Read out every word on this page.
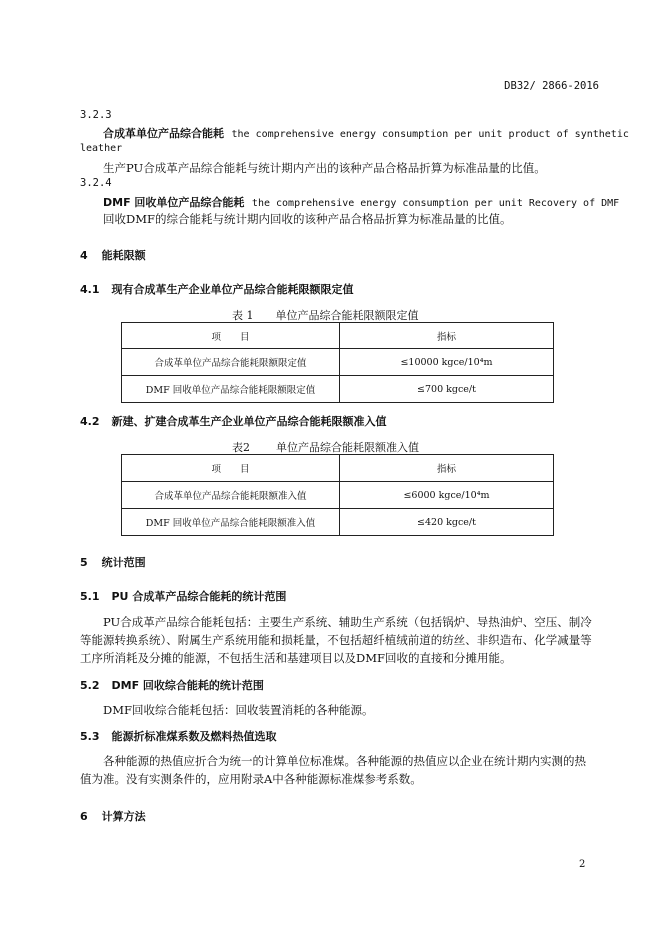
DB32/ 2866-2016
3.2.3
合成革单位产品综合能耗 the comprehensive energy consumption per unit product of synthetic
leather
生产PU合成革产品综合能耗与统计期内产出的该种产品合格品折算为标准品量的比值。
3.2.4
DMF 回收单位产品综合能耗 the comprehensive energy consumption per unit Recovery of DMF
回收DMF的综合能耗与统计期内回收的该种产品合格品折算为标准品量的比值。
4 能耗限额
4.1 现有合成革生产企业单位产品综合能耗限额限定值
表 1 单位产品综合能耗限额限定值
项　　目	指标
合成革单位产品综合能耗限额限定值	≤10000 kgce/10⁴m
DMF 回收单位产品综合能耗限额限定值	≤700 kgce/t
4.2 新建、扩建合成革生产企业单位产品综合能耗限额准入值
表2 单位产品综合能耗限额准入值
项　　目	指标
合成革单位产品综合能耗限额准入值	≤6000 kgce/10⁴m
DMF 回收单位产品综合能耗限额准入值	≤420 kgce/t
5 统计范围
5.1 PU 合成革产品综合能耗的统计范围
PU合成革产品综合能耗包括：主要生产系统、辅助生产系统（包括锅炉、导热油炉、空压、制冷
等能源转换系统）、附属生产系统用能和损耗量，不包括超纤植绒前道的纺丝、非织造布、化学减量等
工序所消耗及分摊的能源，不包括生活和基建项目以及DMF回收的直接和分摊用能。
5.2 DMF 回收综合能耗的统计范围
DMF回收综合能耗包括：回收装置消耗的各种能源。
5.3 能源折标准煤系数及燃料热值选取
各种能源的热值应折合为统一的计算单位标准煤。各种能源的热值应以企业在统计期内实测的热
值为准。没有实测条件的，应用附录A中各种能源标准煤参考系数。
6 计算方法
2
